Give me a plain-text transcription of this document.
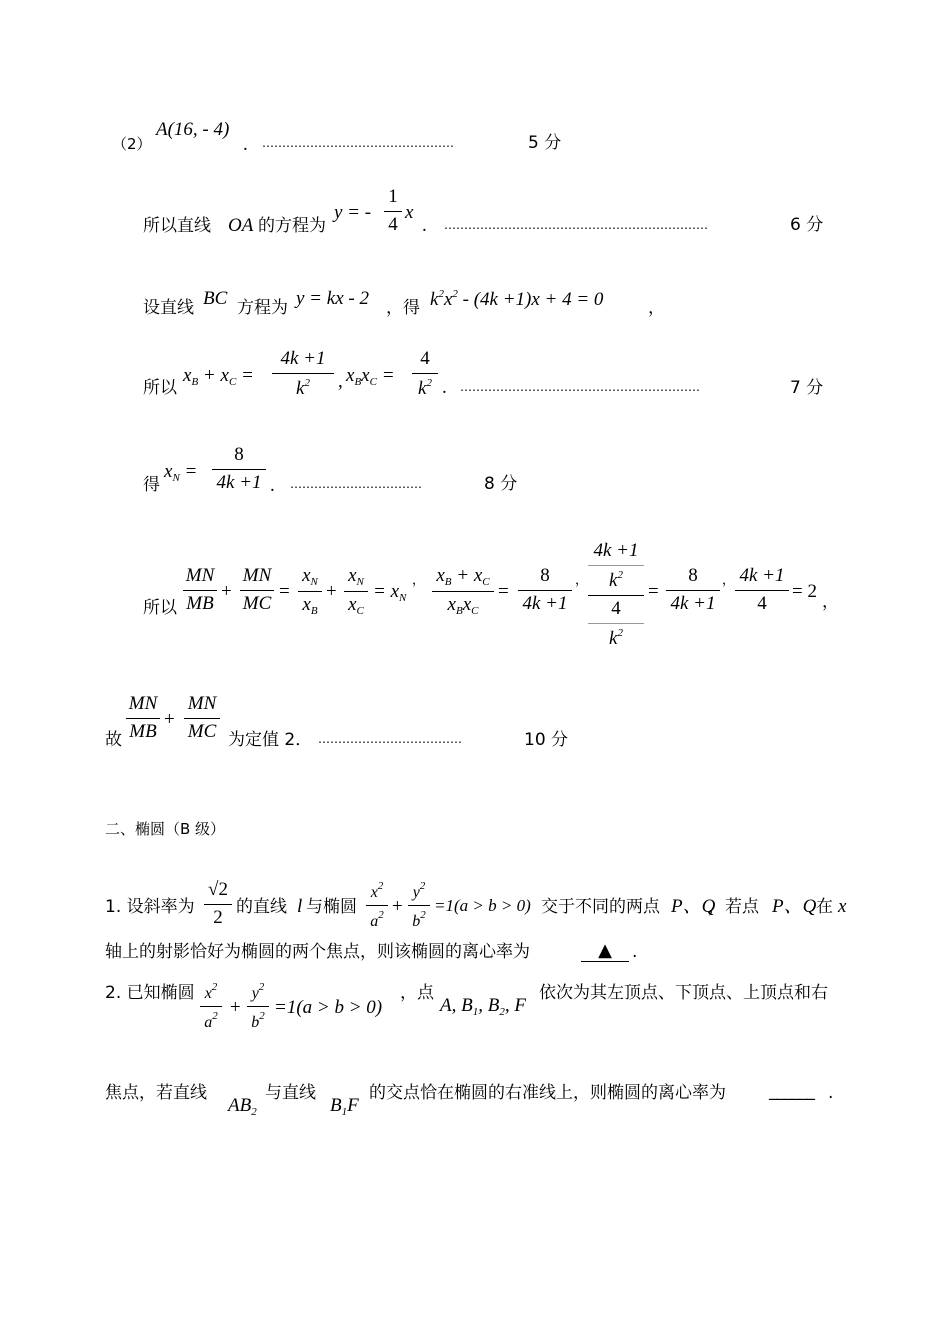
（2）
A(16, - 4)
. …………………………………………	5 分
所以直线 OA 的方程为
y = -
1
4
x
. …………………………………………………………	6 分
设直线 BC 方程为 y = kx - 2 ，得 $k^2x^2 - (4k +1)x + 4 = 0$	，
所以
$x_B + x_C$ =
4k +1
$k^2$	, $x_Bx_C$ =
4
$k^2$ . ……………………………………………………	7 分
得
$x_N$ =
8
4k +1 . ……………………………	8 分
所以
MN
MB
+
MN
MC
=
$x_N$
$x_B$
+
$x_N$
$x_C$
= $x_N$
， $x_B + x_C$
$x_Bx_C$
=
8
4k +1
，
4k +1
$k^2$
4
$k^2$
=
8
4k +1
， 4k +1
4
= 2 ，
故
MN
MB
+
MN
MC 为定值 2． ………………………………	10 分
二、椭圆（B 级）
1. 设斜率为
√2
2 的直线 l 与椭圆
$x^2$
$a^2$ +
$y^2$
$b^2 =1(a > b > 0)$ 交于不同的两点 P、Q
，若点 P、Q 在 x
轴上的射影恰好为椭圆的两个焦点，则该椭圆的离心率为	▲	.
2. 已知椭圆 $x^2$
$a^2$ +
$y^2$
$b^2 =1(a > b > 0)$
，点
A, $B_1$, $B_2$, F
依次为其左顶点、下顶点、上顶点和右
焦点，若直线
$AB_2$
与直线
$B_1F$
的交点恰在椭圆的右准线上，则椭圆的离心率为	______ .
